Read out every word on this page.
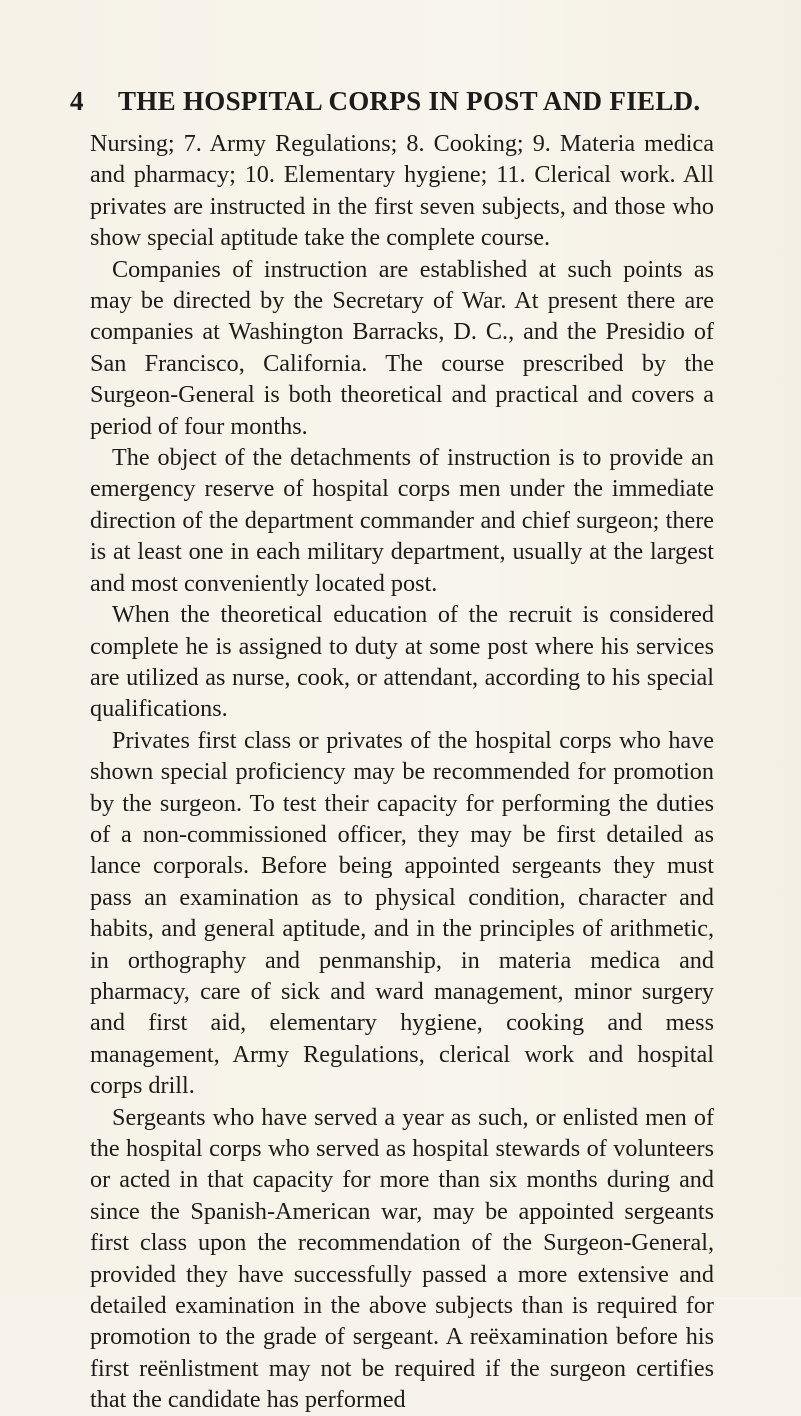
4	THE HOSPITAL CORPS IN POST AND FIELD.

Nursing; 7. Army Regulations; 8. Cooking; 9. Materia medica and pharmacy; 10. Elementary hygiene; 11. Clerical work. All privates are instructed in the first seven subjects, and those who show special aptitude take the complete course.

Companies of instruction are established at such points as may be directed by the Secretary of War. At present there are companies at Washington Barracks, D. C., and the Presidio of San Francisco, California. The course prescribed by the Surgeon-General is both theoretical and practical and covers a period of four months.

The object of the detachments of instruction is to provide an emergency reserve of hospital corps men under the immediate direction of the department commander and chief surgeon; there is at least one in each military department, usually at the largest and most conveniently located post.

When the theoretical education of the recruit is considered complete he is assigned to duty at some post where his services are utilized as nurse, cook, or attendant, according to his special qualifications.

Privates first class or privates of the hospital corps who have shown special proficiency may be recommended for promotion by the surgeon. To test their capacity for performing the duties of a non-commissioned officer, they may be first detailed as lance corporals. Before being appointed sergeants they must pass an examination as to physical condition, character and habits, and general aptitude, and in the principles of arithmetic, in orthography and penmanship, in materia medica and pharmacy, care of sick and ward management, minor surgery and first aid, elementary hygiene, cooking and mess management, Army Regulations, clerical work and hospital corps drill.

Sergeants who have served a year as such, or enlisted men of the hospital corps who served as hospital stewards of volunteers or acted in that capacity for more than six months during and since the Spanish-American war, may be appointed sergeants first class upon the recommendation of the Surgeon-General, provided they have successfully passed a more extensive and detailed examination in the above subjects than is required for promotion to the grade of sergeant. A reëxamination before his first reënlistment may not be required if the surgeon certifies that the candidate has performed
